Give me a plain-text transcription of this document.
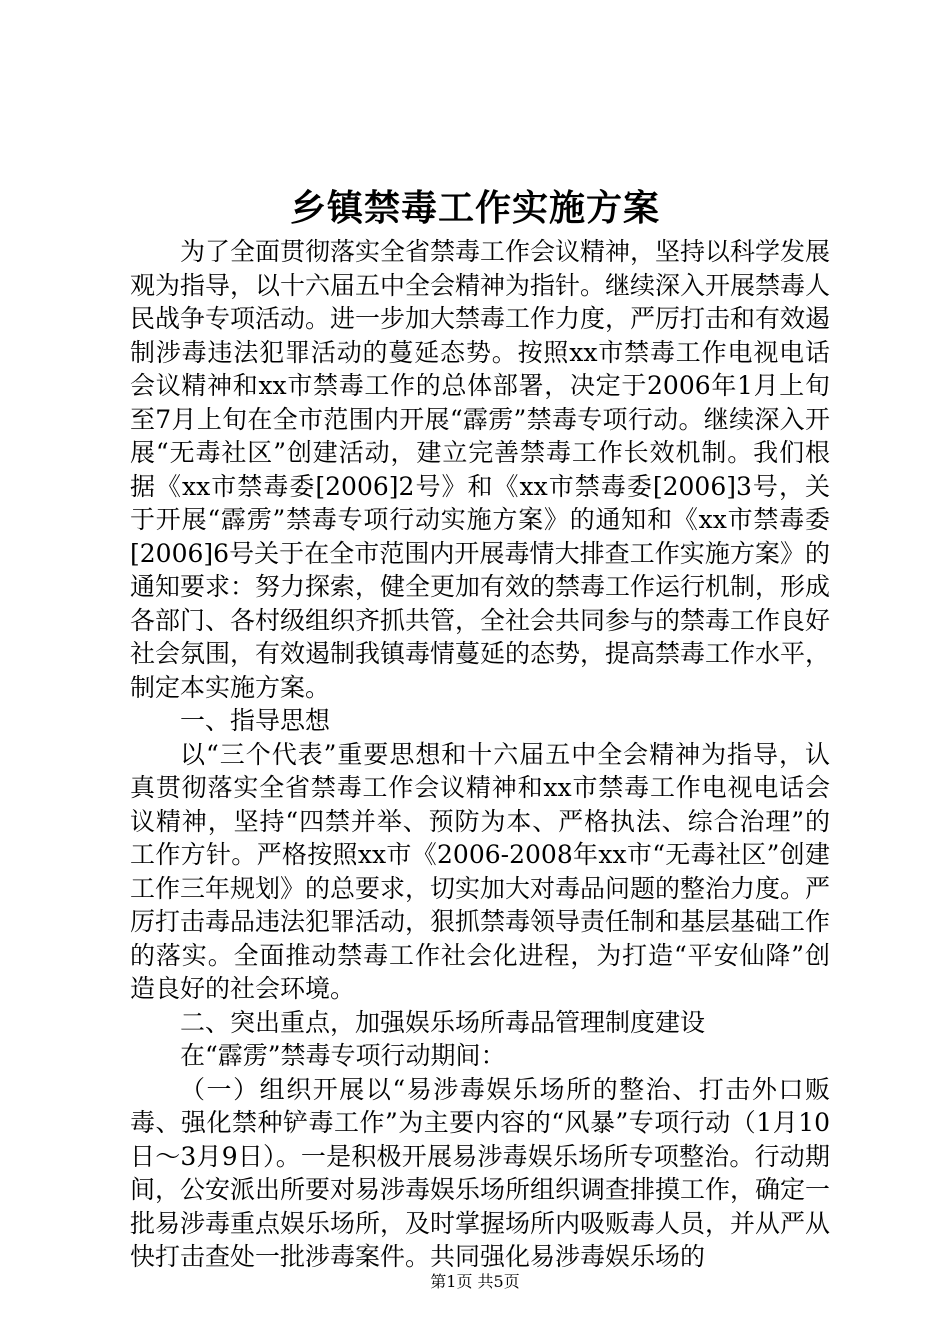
乡镇禁毒工作实施方案

为了全面贯彻落实全省禁毒工作会议精神，坚持以科学发展观为指导，以十六届五中全会精神为指针。继续深入开展禁毒人民战争专项活动。进一步加大禁毒工作力度，严厉打击和有效遏制涉毒违法犯罪活动的蔓延态势。按照xx市禁毒工作电视电话会议精神和xx市禁毒工作的总体部署，决定于2006年1月上旬至7月上旬在全市范围内开展“霹雳”禁毒专项行动。继续深入开展“无毒社区”创建活动，建立完善禁毒工作长效机制。我们根据《xx市禁毒委[2006]2号》和《xx市禁毒委[2006]3号，关于开展“霹雳”禁毒专项行动实施方案》的通知和《xx市禁毒委[2006]6号关于在全市范围内开展毒情大排查工作实施方案》的通知要求：努力探索，健全更加有效的禁毒工作运行机制，形成各部门、各村级组织齐抓共管，全社会共同参与的禁毒工作良好社会氛围，有效遏制我镇毒情蔓延的态势，提高禁毒工作水平，制定本实施方案。

一、指导思想

以“三个代表”重要思想和十六届五中全会精神为指导，认真贯彻落实全省禁毒工作会议精神和xx市禁毒工作电视电话会议精神，坚持“四禁并举、预防为本、严格执法、综合治理”的工作方针。严格按照xx市《2006-2008年xx市“无毒社区”创建工作三年规划》的总要求，切实加大对毒品问题的整治力度。严厉打击毒品违法犯罪活动，狠抓禁毒领导责任制和基层基础工作的落实。全面推动禁毒工作社会化进程，为打造“平安仙降”创造良好的社会环境。

二、突出重点，加强娱乐场所毒品管理制度建设

在“霹雳”禁毒专项行动期间：

（一）组织开展以“易涉毒娱乐场所的整治、打击外口贩毒、强化禁种铲毒工作”为主要内容的“风暴”专项行动（1月10日～3月9日）。一是积极开展易涉毒娱乐场所专项整治。行动期间，公安派出所要对易涉毒娱乐场所组织调查排摸工作，确定一批易涉毒重点娱乐场所，及时掌握场所内吸贩毒人员，并从严从快打击查处一批涉毒案件。共同强化易涉毒娱乐场的

第1页 共5页
